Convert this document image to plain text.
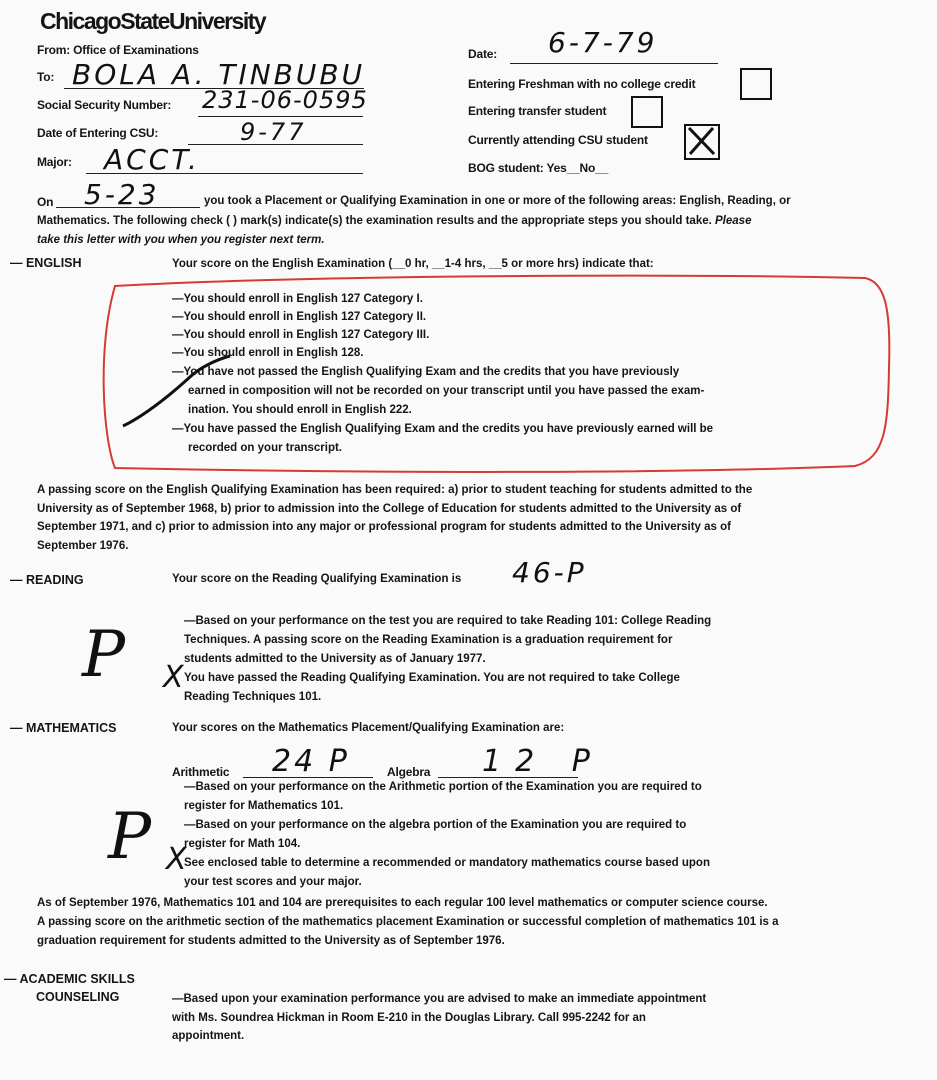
ChicagoStateUniversity
From: Office of Examinations
To: BOLA A. TINBUBU
Social Security Number: 231-06-0595
Date of Entering CSU:	9-77
Major: ACCT.
Date: 6-7-79
Entering Freshman with no college credit
Entering transfer student
Currently attending CSU student
BOG student: Yes__No__
On 5-23	you took a Placement or Qualifying Examination in one or more of the following areas: English, Reading, or
Mathematics. The following check ( ) mark(s) indicate(s) the examination results and the appropriate steps you should take. Please
take this letter with you when you register next term.
— ENGLISH	Your score on the English Examination (__0 hr, __1-4 hrs, __5 or more hrs) indicate that:
—You should enroll in English 127 Category I.
—You should enroll in English 127 Category II.
—You should enroll in English 127 Category III.
—You should enroll in English 128.
—You have not passed the English Qualifying Exam and the credits that you have previously
earned in composition will not be recorded on your transcript until you have passed the exam-
ination. You should enroll in English 222.
—You have passed the English Qualifying Exam and the credits you have previously earned will be
recorded on your transcript.
A passing score on the English Qualifying Examination has been required: a) prior to student teaching for students admitted to the
University as of September 1968, b) prior to admission into the College of Education for students admitted to the University as of
September 1971, and c) prior to admission into any major or professional program for students admitted to the University as of
September 1976.
— READING	Your score on the Reading Qualifying Examination is 46-P
—Based on your performance on the test you are required to take Reading 101: College Reading
Techniques. A passing score on the Reading Examination is a graduation requirement for
students admitted to the University as of January 1977.
You have passed the Reading Qualifying Examination. You are not required to take College
Reading Techniques 101.
P X
— MATHEMATICS	Your scores on the Mathematics Placement/Qualifying Examination are:
Arithmetic 24 P	Algebra 12 P
—Based on your performance on the Arithmetic portion of the Examination you are required to
register for Mathematics 101.
—Based on your performance on the algebra portion of the Examination you are required to
register for Math 104.
See enclosed table to determine a recommended or mandatory mathematics course based upon
your test scores and your major.
P X
As of September 1976, Mathematics 101 and 104 are prerequisites to each regular 100 level mathematics or computer science course.
A passing score on the arithmetic section of the mathematics placement Examination or successful completion of mathematics 101 is a
graduation requirement for students admitted to the University as of September 1976.
— ACADEMIC SKILLS
COUNSELING	—Based upon your examination performance you are advised to make an immediate appointment
with Ms. Soundrea Hickman in Room E-210 in the Douglas Library. Call 995-2242 for an
appointment.
